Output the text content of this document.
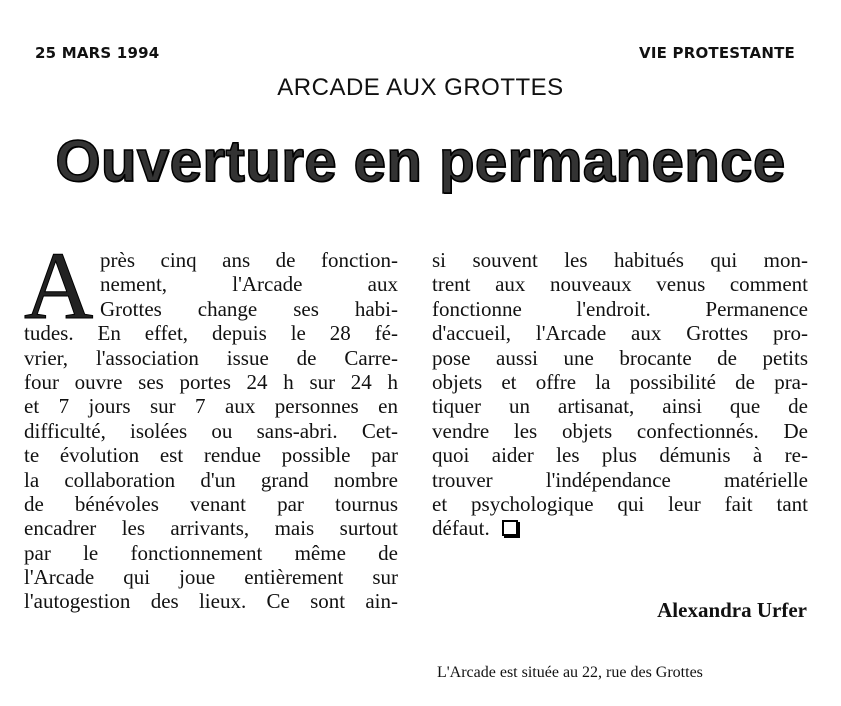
25 MARS 1994	VIE PROTESTANTE
ARCADE AUX GROTTES
Ouverture en permanence
A près cinq ans de fonction-
nement, l'Arcade aux
Grottes change ses habi-
tudes. En effet, depuis le 28 fé-
vrier, l'association issue de Carre-
four ouvre ses portes 24 h sur 24 h
et 7 jours sur 7 aux personnes en
difficulté, isolées ou sans-abri. Cet-
te évolution est rendue possible par
la collaboration d'un grand nombre
de bénévoles venant par tournus
encadrer les arrivants, mais surtout
par le fonctionnement même de
l'Arcade qui joue entièrement sur
l'autogestion des lieux. Ce sont ain-
si souvent les habitués qui mon-
trent aux nouveaux venus comment
fonctionne l'endroit. Permanence
d'accueil, l'Arcade aux Grottes pro-
pose aussi une brocante de petits
objets et offre la possibilité de pra-
tiquer un artisanat, ainsi que de
vendre les objets confectionnés. De
quoi aider les plus démunis à re-
trouver l'indépendance matérielle
et psychologique qui leur fait tant
défaut.
Alexandra Urfer
L'Arcade est située au 22, rue des Grottes
